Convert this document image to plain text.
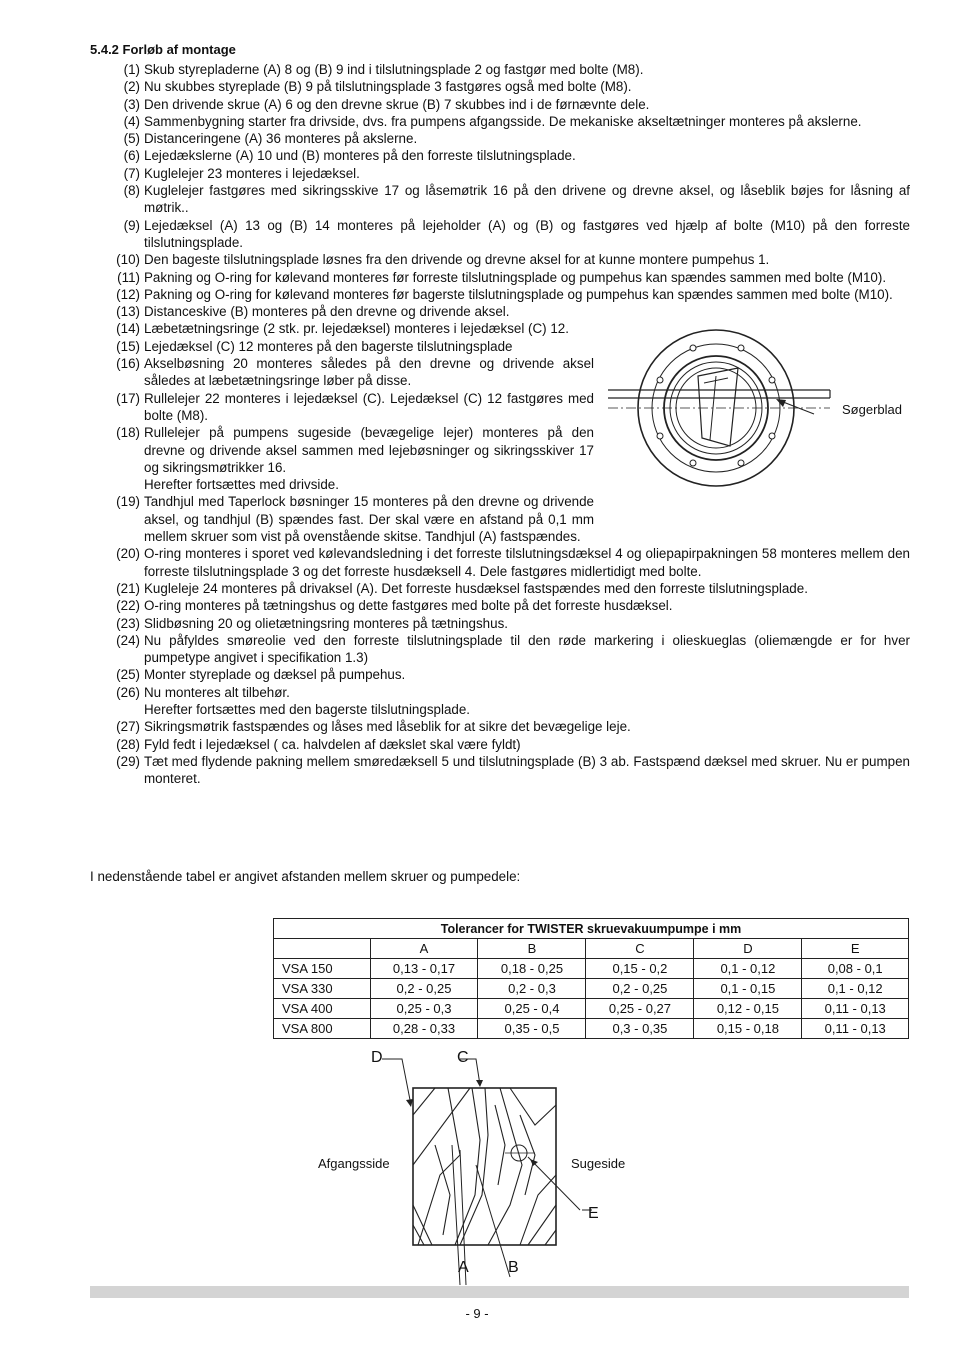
5.4.2 Forløb af montage
(1) Skub styrepladerne (A) 8 og (B) 9 ind i tilslutningsplade 2 og fastgør med bolte (M8).
(2) Nu skubbes styreplade (B) 9 på tilslutningsplade 3 fastgøres også med bolte (M8).
(3) Den drivende skrue (A) 6 og den drevne skrue (B) 7 skubbes ind i de førnævnte dele.
(4) Sammenbygning starter fra drivside, dvs. fra pumpens afgangsside. De mekaniske akseltætninger monteres på akslerne.
(5) Distanceringene (A) 36 monteres på akslerne.
(6) Lejedækslerne (A) 10 und (B) monteres på den forreste tilslutningsplade.
(7) Kuglelejer 23 monteres i lejedæksel.
(8) Kuglelejer fastgøres med sikringsskive 17 og låsemøtrik 16 på den drivene og drevne aksel, og låseblik bøjes for låsning af møtrik..
(9) Lejedæksel (A) 13 og (B) 14 monteres på lejeholder (A) og (B) og fastgøres ved hjælp af bolte (M10) på den forreste tilslutningsplade.
(10) Den bageste tilslutningsplade løsnes fra den drivende og drevne aksel for at kunne montere pumpehus 1.
(11) Pakning og O-ring for kølevand monteres før forreste tilslutningsplade og pumpehus kan spændes sammen med bolte (M10).
(12) Pakning og O-ring for kølevand monteres før bagerste tilslutningsplade og pumpehus kan spændes sammen med bolte (M10).
(13) Distanceskive (B) monteres på den drevne og drivende aksel.
(14) Læbetætningsringe (2 stk. pr. lejedæksel) monteres i lejedæksel (C) 12.
(15) Lejedæksel (C) 12 monteres på den bagerste tilslutningsplade
(16) Akselbøsning 20 monteres således på den drevne og drivende aksel således at læbetætningsringe løber på disse.
(17) Rullelejer 22 monteres i lejedæksel (C). Lejedæksel (C) 12 fastgøres med bolte (M8).
(18) Rullelejer på pumpens sugeside (bevægelige lejer) monteres på den drevne og drivende aksel sammen med lejebøsninger og sikringsskiver 17 og sikringsmøtrikker 16.
Herefter fortsættes med drivside.
(19) Tandhjul med Taperlock bøsninger 15 monteres på den drevne og drivende aksel, og tandhjul (B) spændes fast. Der skal være en afstand på 0,1 mm mellem skruer som vist på ovenstående skitse. Tandhjul (A) fastspændes.
(20) O-ring monteres i sporet ved kølevandsledning i det forreste tilslutningsdæksel 4 og oliepapirpakningen 58 monteres mellem den forreste tilslutningsplade 3 og det forreste husdæksell 4. Dele fastgøres midlertidigt med bolte.
(21) Kugleleje 24 monteres på drivaksel (A). Det forreste husdæksel fastspændes med den forreste tilslutningsplade.
(22) O-ring monteres på tætningshus og dette fastgøres med bolte på det forreste husdæksel.
(23) Slidbøsning 20 og olietætningsring monteres på tætningshus.
(24) Nu påfyldes smøreolie ved den forreste tilslutningsplade til den røde markering i olieskueglas (oliemængde er for hver pumpetype angivet i specifikation 1.3)
(25) Monter styreplade og dæksel på pumpehus.
(26) Nu monteres alt tilbehør.
Herefter fortsættes med den bagerste tilslutningsplade.
(27) Sikringsmøtrik fastspændes og låses med låseblik for at sikre det bevægelige leje.
(28) Fyld fedt i lejedæksel ( ca. halvdelen af dækslet skal være fyldt)
(29) Tæt med flydende pakning mellem smøredæksell 5 und tilslutningsplade (B) 3 ab. Fastspænd dæksel med skruer. Nu er pumpen monteret.
Søgerblad
I nedenstående tabel er angivet afstanden mellem skruer og pumpedele:
Tolerancer for TWISTER skruevakuumpumpe i mm					
	A	B	C	D	E
VSA 150	0,13 - 0,17	0,18 - 0,25	0,15 - 0,2	0,1 - 0,12	0,08 - 0,1
VSA 330	0,2 - 0,25	0,2 - 0,3	0,2 - 0,25	0,1 - 0,15	0,1 - 0,12
VSA 400	0,25 - 0,3	0,25 - 0,4	0,25 - 0,27	0,12 - 0,15	0,11 - 0,13
VSA 800	0,28 - 0,33	0,35 - 0,5	0,3 - 0,35	0,15 - 0,18	0,11 - 0,13
D	C
E
A B
Afgangsside	Sugeside
- 9 -
